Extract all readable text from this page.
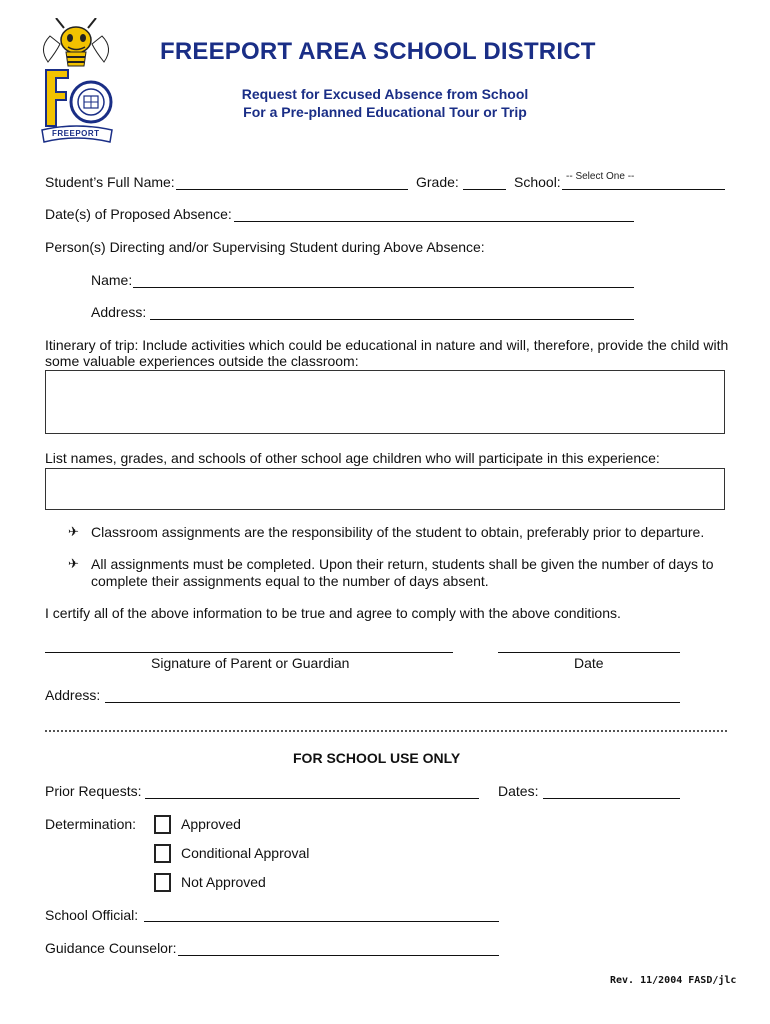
FREEPORT
FREEPORT AREA SCHOOL DISTRICT
Request for Excused Absence from School
For a Pre-planned Educational Tour or Trip
Student’s Full Name:	Grade:	School: -- Select One --
Date(s) of Proposed Absence:
Person(s) Directing and/or Supervising Student during Above Absence:
Name:
Address:
Itinerary of trip: Include activities which could be educational in nature and will, therefore, provide the child with
some valuable experiences outside the classroom:
List names, grades, and schools of other school age children who will participate in this experience:
✈ Classroom assignments are the responsibility of the student to obtain, preferably prior to departure.
✈ All assignments must be completed. Upon their return, students shall be given the number of days to
complete their assignments equal to the number of days absent.
I certify all of the above information to be true and agree to comply with the above conditions.
Signature of Parent or Guardian	Date
Address:
FOR SCHOOL USE ONLY
Prior Requests:	Dates:
Determination:	Approved
Conditional Approval
Not Approved
School Official:
Guidance Counselor:
Rev. 11/2004 FASD/jlc
